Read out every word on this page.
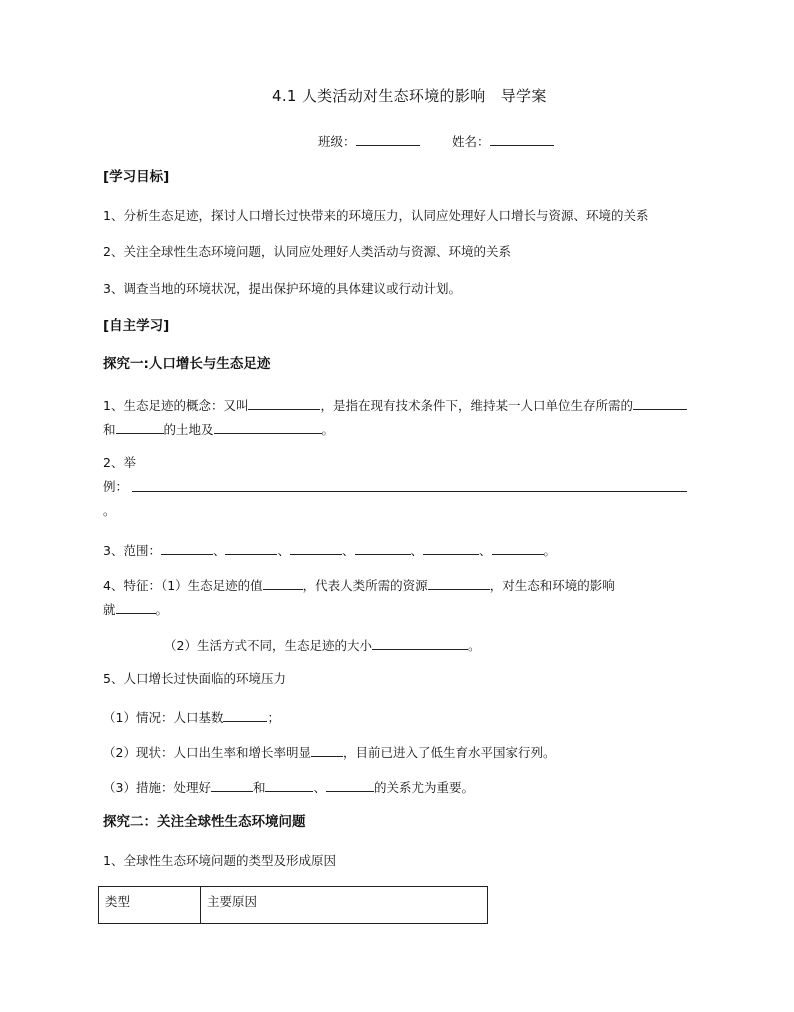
4.1 人类活动对生态环境的影响　导学案
班级：	姓名：
[学习目标]
1、分析生态足迹，探讨人口增长过快带来的环境压力，认同应处理好人口增长与资源、环境的关系
2、关注全球性生态环境问题，认同应处理好人类活动与资源、环境的关系
3、调查当地的环境状况，提出保护环境的具体建议或行动计划。
[自主学习]
探究一:人口增长与生态足迹
1、生态足迹的概念：又叫	，是指在现有技术条件下，维持某一人口单位生存所需的
和	的土地及	。
2、举
例：
。
3、范围：	、	、	、	、	、	。
4、特征：（1）生态足迹的值	，代表人类所需的资源	，对生态和环境的影响
就	。
（2）生活方式不同，生态足迹的大小	。
5、人口增长过快面临的环境压力
（1）情况：人口基数	；
（2）现状：人口出生率和增长率明显	，目前已进入了低生育水平国家行列。
（3）措施：处理好	和	、	的关系尤为重要。
探究二：关注全球性生态环境问题
1、全球性生态环境问题的类型及形成原因
类型	主要原因
